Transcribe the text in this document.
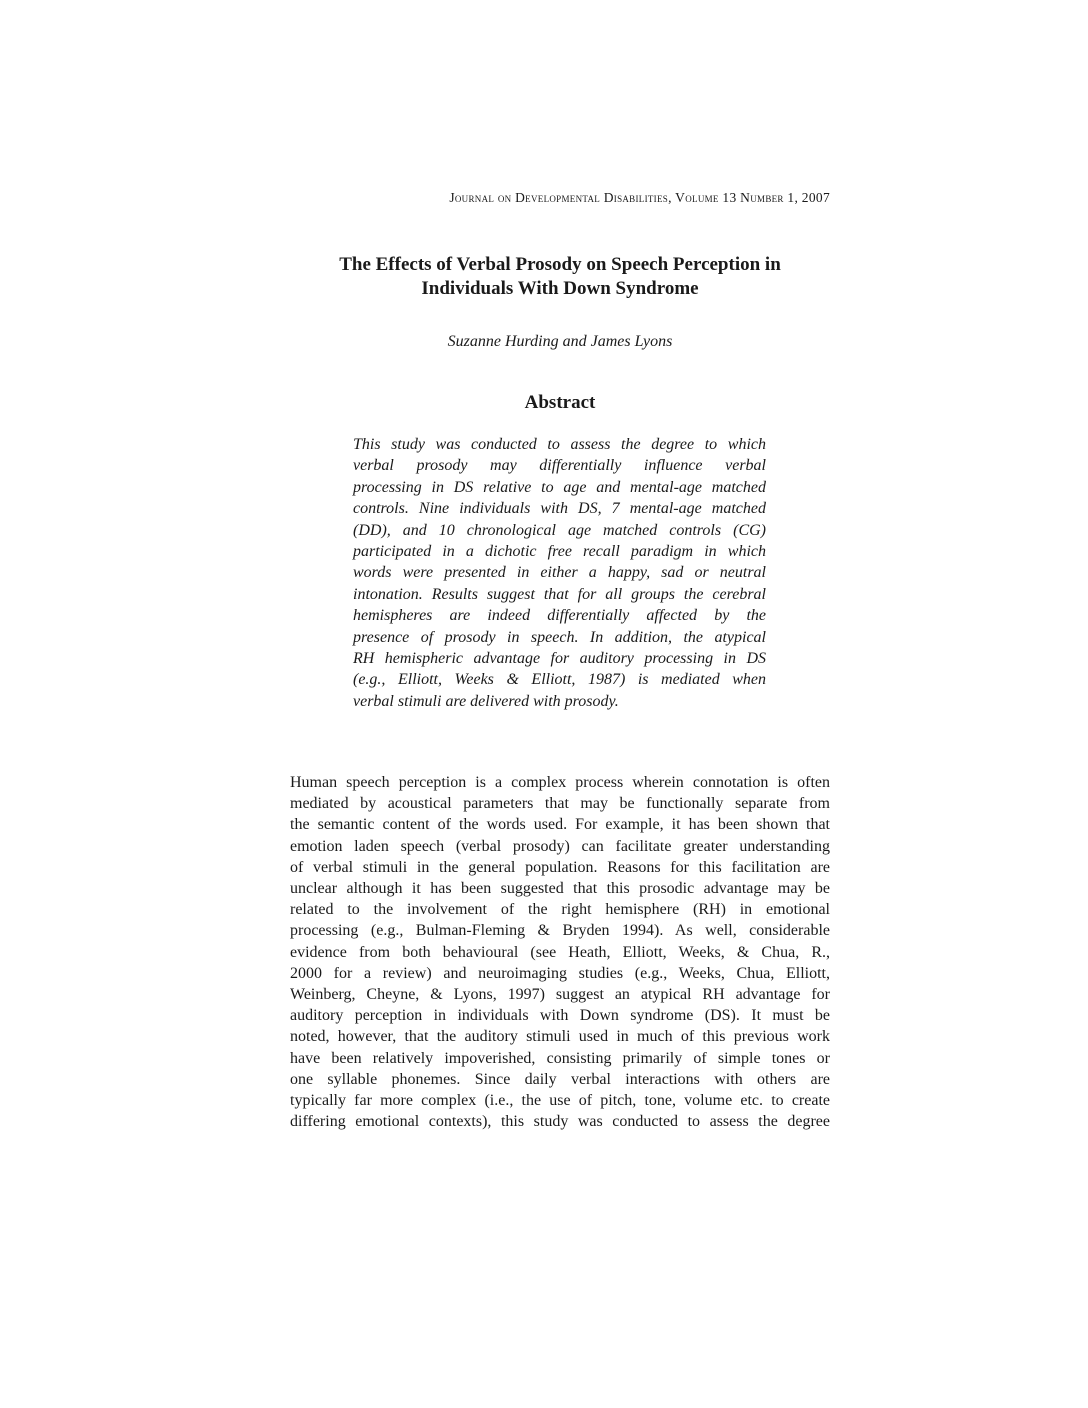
Journal on Developmental Disabilities, Volume 13 Number 1, 2007
The Effects of Verbal Prosody on Speech Perception in
Individuals With Down Syndrome
Suzanne Hurding and James Lyons
Abstract
This study was conducted to assess the degree to which
verbal prosody may differentially influence verbal
processing in DS relative to age and mental-age matched
controls. Nine individuals with DS, 7 mental-age matched
(DD), and 10 chronological age matched controls (CG)
participated in a dichotic free recall paradigm in which
words were presented in either a happy, sad or neutral
intonation. Results suggest that for all groups the cerebral
hemispheres are indeed differentially affected by the
presence of prosody in speech. In addition, the atypical
RH hemispheric advantage for auditory processing in DS
(e.g., Elliott, Weeks & Elliott, 1987) is mediated when
verbal stimuli are delivered with prosody.
Human speech perception is a complex process wherein connotation is often
mediated by acoustical parameters that may be functionally separate from
the semantic content of the words used. For example, it has been shown that
emotion laden speech (verbal prosody) can facilitate greater understanding
of verbal stimuli in the general population. Reasons for this facilitation are
unclear although it has been suggested that this prosodic advantage may be
related to the involvement of the right hemisphere (RH) in emotional
processing (e.g., Bulman-Fleming & Bryden 1994). As well, considerable
evidence from both behavioural (see Heath, Elliott, Weeks, & Chua, R.,
2000 for a review) and neuroimaging studies (e.g., Weeks, Chua, Elliott,
Weinberg, Cheyne, & Lyons, 1997) suggest an atypical RH advantage for
auditory perception in individuals with Down syndrome (DS). It must be
noted, however, that the auditory stimuli used in much of this previous work
have been relatively impoverished, consisting primarily of simple tones or
one syllable phonemes. Since daily verbal interactions with others are
typically far more complex (i.e., the use of pitch, tone, volume etc. to create
differing emotional contexts), this study was conducted to assess the degree
